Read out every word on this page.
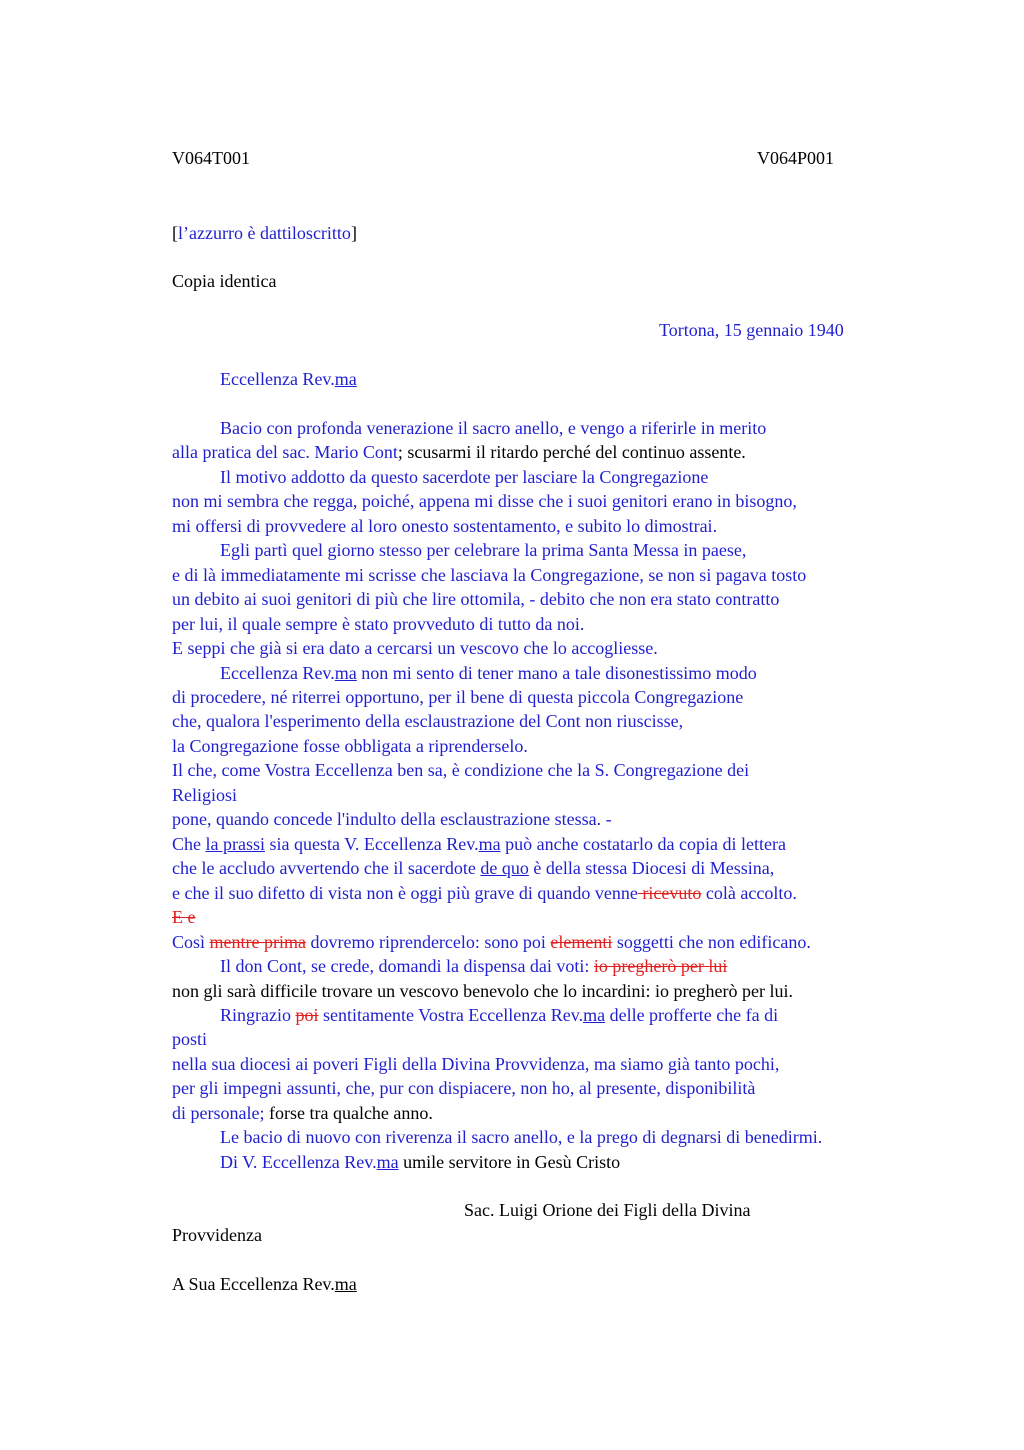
V064T001	V064P001
[l’azzurro è dattiloscritto]
Copia identica
Tortona, 15 gennaio 1940
Eccellenza Rev.ma
Bacio con profonda venerazione il sacro anello, e vengo a riferirle in merito
alla pratica del sac. Mario Cont; scusarmi il ritardo perché del continuo assente.
Il motivo addotto da questo sacerdote per lasciare la Congregazione
non mi sembra che regga, poiché, appena mi disse che i suoi genitori erano in bisogno,
mi offersi di provvedere al loro onesto sostentamento, e subito lo dimostrai.
Egli partì quel giorno stesso per celebrare la prima Santa Messa in paese,
e di là immediatamente mi scrisse che lasciava la Congregazione, se non si pagava tosto
un debito ai suoi genitori di più che lire ottomila, - debito che non era stato contratto
per lui, il quale sempre è stato provveduto di tutto da noi.
E seppi che già si era dato a cercarsi un vescovo che lo accogliesse.
Eccellenza Rev.ma non mi sento di tener mano a tale disonestissimo modo
di procedere, né riterrei opportuno, per il bene di questa piccola Congregazione
che, qualora l'esperimento della esclaustrazione del Cont non riuscisse,
la Congregazione fosse obbligata a riprenderselo.
Il che, come Vostra Eccellenza ben sa, è condizione che la S. Congregazione dei
Religiosi
pone, quando concede l'indulto della esclaustrazione stessa. -
Che la prassi sia questa V. Eccellenza Rev.ma può anche costatarlo da copia di lettera
che le accludo avvertendo che il sacerdote de quo è della stessa Diocesi di Messina,
e che il suo difetto di vista non è oggi più grave di quando venne ricevuto colà accolto.
E e
Così mentre prima dovremo riprendercelo: sono poi elementi soggetti che non edificano.
Il don Cont, se crede, domandi la dispensa dai voti: io pregherò per lui
non gli sarà difficile trovare un vescovo benevolo che lo incardini: io pregherò per lui.
Ringrazio poi sentitamente Vostra Eccellenza Rev.ma delle profferte che fa di
posti
nella sua diocesi ai poveri Figli della Divina Provvidenza, ma siamo già tanto pochi,
per gli impegni assunti, che, pur con dispiacere, non ho, al presente, disponibilità
di personale; forse tra qualche anno.
Le bacio di nuovo con riverenza il sacro anello, e la prego di degnarsi di benedirmi.
Di V. Eccellenza Rev.ma umile servitore in Gesù Cristo
Sac. Luigi Orione dei Figli della Divina
Provvidenza
A Sua Eccellenza Rev.ma
